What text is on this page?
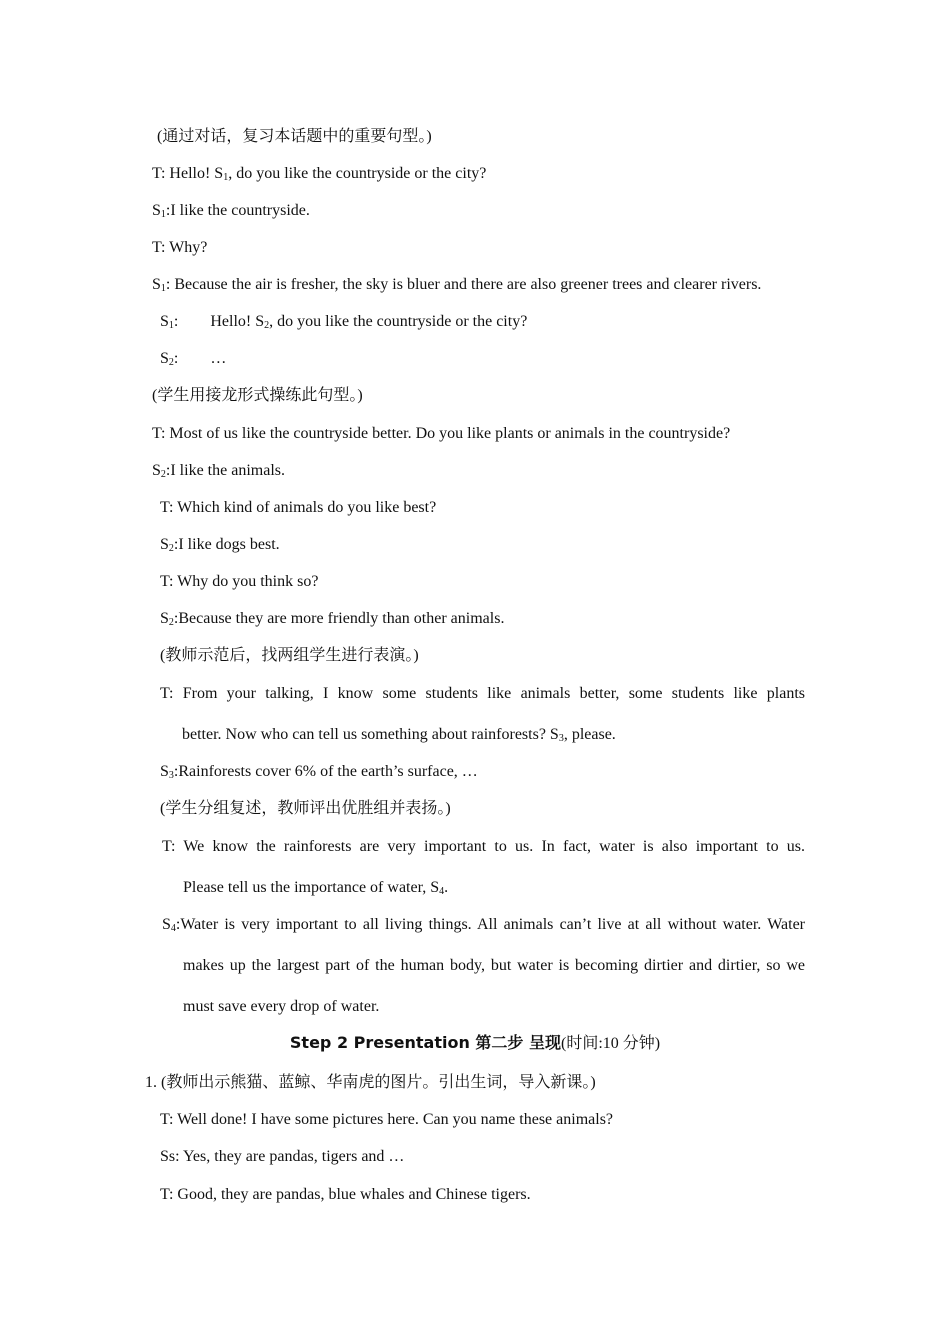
(通过对话，复习本话题中的重要句型。)
T: Hello! $S_1$, do you like the countryside or the city?
$S_1:I$ like the countryside.
T: Why?
$S_1$: Because the air is fresher, the sky is bluer and there are also greener trees and clearer rivers.
$S_1$: Hello! $S_2$, do you like the countryside or the city?
$S_2$: …
(学生用接龙形式操练此句型。)
T: Most of us like the countryside better. Do you like plants or animals in the countryside?
$S_2:I$ like the animals.
T: Which kind of animals do you like best?
$S_2:I$ like dogs best.
T: Why do you think so?
$S_2:Because$ they are more friendly than other animals.
(教师示范后，找两组学生进行表演。)
T: From your talking, I know some students like animals better, some students like plants
better. Now who can tell us something about rainforests? $S_3$, please.
$S_3:Rainforests$ cover 6% of the earth’s surface, …
(学生分组复述，教师评出优胜组并表扬。)
T: We know the rainforests are very important to us. In fact, water is also important to us.
Please tell us the importance of water, $S_4$.
$S_4:Water$ is very important to all living things. All animals can’t live at all without water. Water
makes up the largest part of the human body, but water is becoming dirtier and dirtier, so we
must save every drop of water.
Step 2 Presentation 第二步 呈现(时间:10 分钟)
1. (教师出示熊猫、蓝鲸、华南虎的图片。引出生词，导入新课。)
T: Well done! I have some pictures here. Can you name these animals?
Ss: Yes, they are pandas, tigers and …
T: Good, they are pandas, blue whales and Chinese tigers.
